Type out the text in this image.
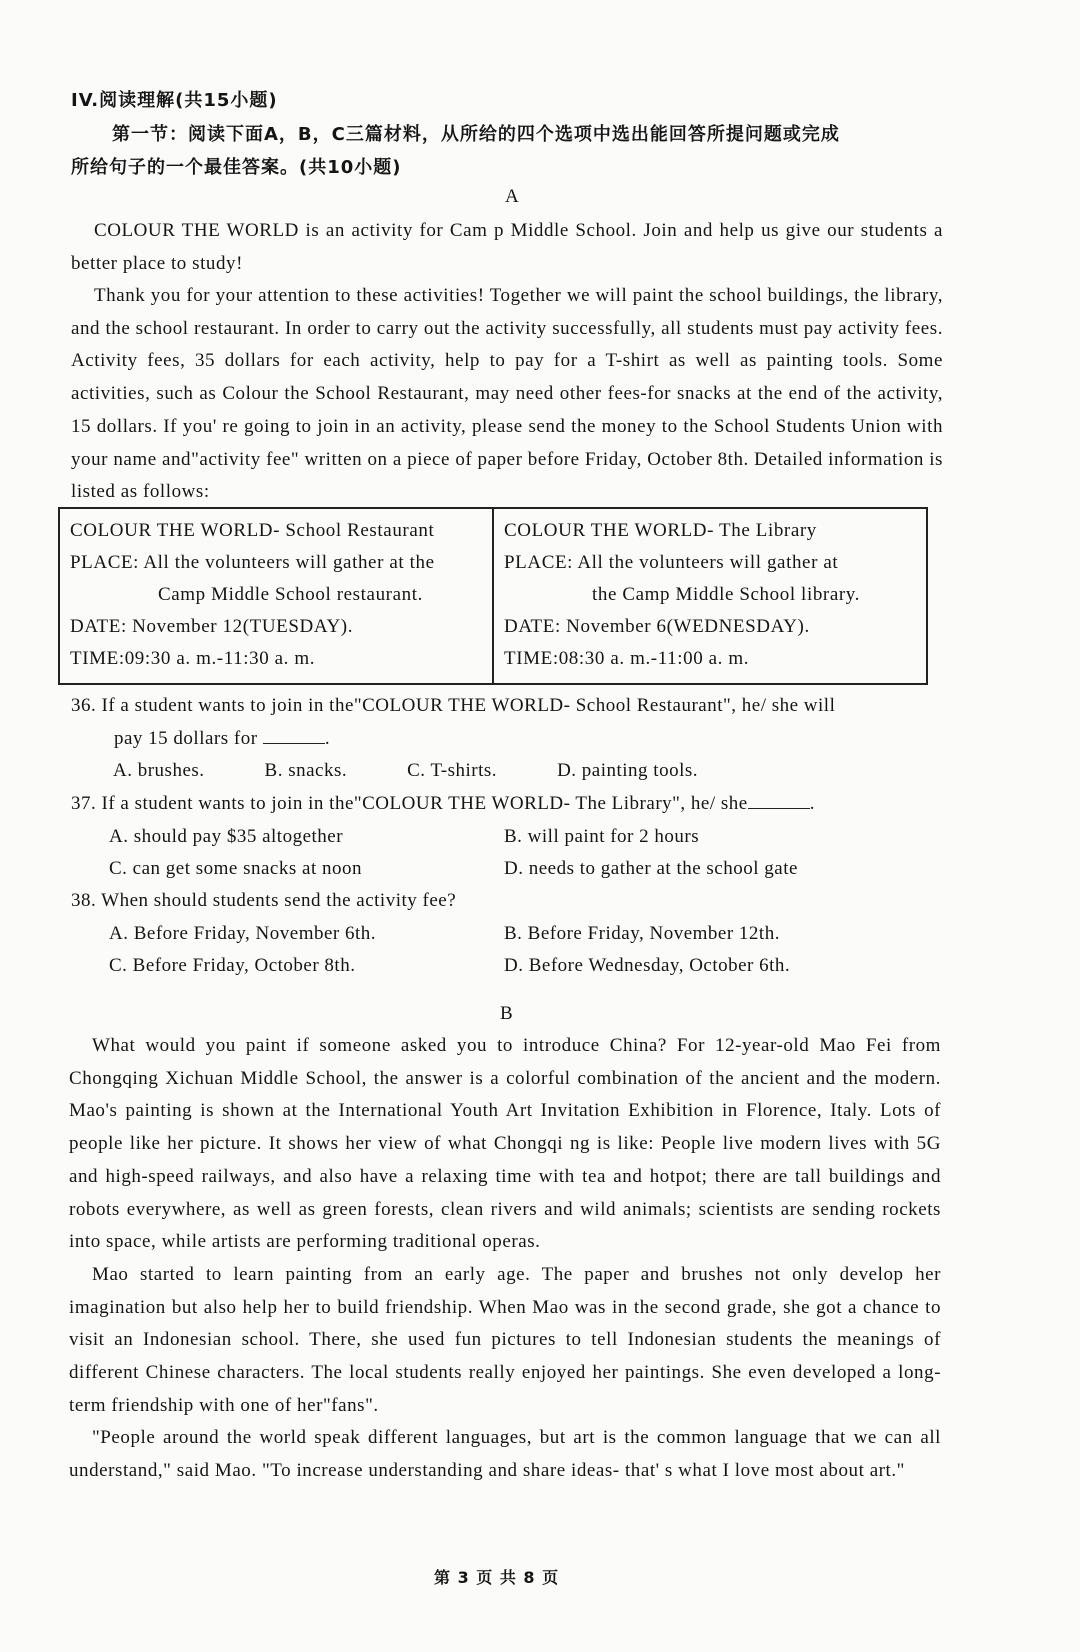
IV.阅读理解(共15小题)
第一节：阅读下面A，B，C三篇材料，从所给的四个选项中选出能回答所提问题或完成
所给句子的一个最佳答案。(共10小题)
A
COLOUR THE WORLD is an activity for Cam p Middle School. Join and help us give our students a better place to study!
Thank you for your attention to these activities! Together we will paint the school buildings, the library, and the school restaurant. In order to carry out the activity successfully, all students must pay activity fees. Activity fees, 35 dollars for each activity, help to pay for a T-shirt as well as painting tools. Some activities, such as Colour the School Restaurant, may need other fees-for snacks at the end of the activity, 15 dollars. If you' re going to join in an activity, please send the money to the School Students Union with your name and"activity fee" written on a piece of paper before Friday, October 8th. Detailed information is listed as follows:
COLOUR THE WORLD- School Restaurant
PLACE: All the volunteers will gather at the
Camp Middle School restaurant.
DATE: November 12(TUESDAY).
TIME:09:30 a. m.-11:30 a. m.
COLOUR THE WORLD- The Library
PLACE: All the volunteers will gather at
the Camp Middle School library.
DATE: November 6(WEDNESDAY).
TIME:08:30 a. m.-11:00 a. m.
36. If a student wants to join in the"COLOUR THE WORLD- School Restaurant", he/ she will
pay 15 dollars for	.
A. brushes.	B. snacks.	C. T-shirts.	D. painting tools.
37. If a student wants to join in the"COLOUR THE WORLD- The Library", he/ she	.
A. should pay $35 altogether	B. will paint for 2 hours
C. can get some snacks at noon	D. needs to gather at the school gate
38. When should students send the activity fee?
A. Before Friday, November 6th.	B. Before Friday, November 12th.
C. Before Friday, October 8th.	D. Before Wednesday, October 6th.
B
What would you paint if someone asked you to introduce China? For 12-year-old Mao Fei from Chongqing Xichuan Middle School, the answer is a colorful combination of the ancient and the modern. Mao's painting is shown at the International Youth Art Invitation Exhibition in Florence, Italy. Lots of people like her picture. It shows her view of what Chongqi ng is like: People live modern lives with 5G and high-speed railways, and also have a relaxing time with tea and hotpot; there are tall buildings and robots everywhere, as well as green forests, clean rivers and wild animals; scientists are sending rockets into space, while artists are performing traditional operas.
Mao started to learn painting from an early age. The paper and brushes not only develop her imagination but also help her to build friendship. When Mao was in the second grade, she got a chance to visit an Indonesian school. There, she used fun pictures to tell Indonesian students the meanings of different Chinese characters. The local students really enjoyed her paintings. She even developed a long-term friendship with one of her"fans".
"People around the world speak different languages, but art is the common language that we can all understand," said Mao. "To increase understanding and share ideas- that' s what I love most about art."
第 3 页 共 8 页
